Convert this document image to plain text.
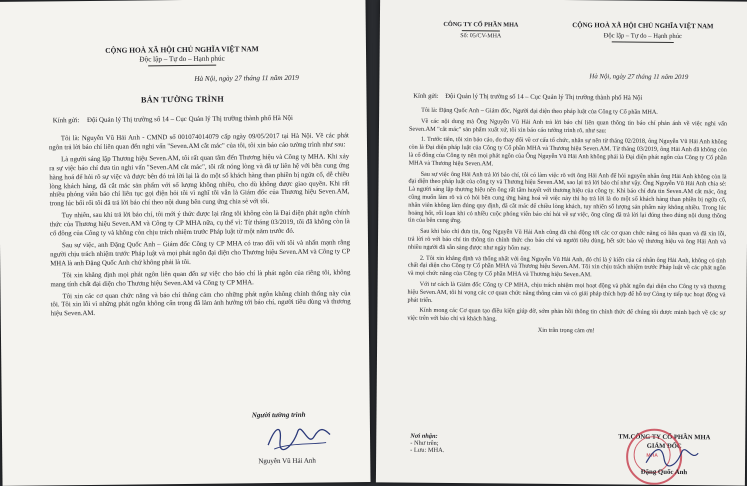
CỘNG HOÀ XÃ HỘI CHỦ NGHĨA VIỆT NAM
Độc lập – Tự do – Hạnh phúc
Hà Nội, ngày 27 tháng 11 năm 2019
BẢN TƯỜNG TRÌNH
Kính gửi: Đội Quản lý Thị trường số 14 – Cục Quản lý Thị trường thành phố Hà Nội

Tôi là: Nguyễn Vũ Hải Anh - CMND số 001074014079 cấp ngày 09/05/2017 tại Hà Nội. Về các phát ngôn trả lời báo chí liên quan đến nghi vấn "Seven.AM cắt mác" của tôi, tôi xin báo cáo tường trình như sau:

Là người sáng lập Thương hiệu Seven.AM, tôi rất quan tâm đến Thương hiệu và Công ty MHA. Khi xảy ra sự việc báo chí đưa tin nghi vấn "Seven.AM cắt mác", tôi rất nóng lòng và đã tự liên hệ với bên cung ứng hàng hoá để hỏi rõ sự việc và được bên đó trả lời lại là do một số khách hàng than phiền bị ngứa cổ, dễ chiều lòng khách hàng, đã cắt mác sản phẩm với số lượng không nhiều, cho dù không được giao quyền. Khi rất nhiều phóng viên báo chí liên tục gọi điện hỏi tôi vì nghĩ tôi vẫn là Giám đốc của Thương hiệu Seven.AM, trong lúc bối rối tôi đã trả lời báo chí theo nội dung bên cung ứng chia sẻ với tôi.

Tuy nhiên, sau khi trả lời báo chí, tôi mới ý thức được lại rằng tôi không còn là Đại diện phát ngôn chính thức của Thương hiệu Seven.AM và Công ty CP MHA nữa, cụ thể vì: Từ tháng 03/2019, tôi đã không còn là cổ đông của Công ty và không còn chịu trách nhiệm trước Pháp luật từ một năm trước đó.

Sau sự việc, anh Đặng Quốc Anh – Giám đốc Công ty CP MHA có trao đổi với tôi và nhấn mạnh rằng người chịu trách nhiệm trước Pháp luật và mọi phát ngôn đại diện cho Thương hiệu Seven.AM và Công ty CP MHA là anh Đặng Quốc Anh chứ không phải là tôi.

Tôi xin khẳng định mọi phát ngôn liên quan đến sự việc cho báo chí là phát ngôn của riêng tôi, không mang tính chất đại diện cho Thương hiệu Seven.AM và Công ty CP MHA.

Tôi xin các cơ quan chức năng và báo chí thông cảm cho những phát ngôn không chính thống này của tôi. Tôi xin lỗi vì những phát ngôn không cẩn trọng đã làm ảnh hưởng tới báo chí, người tiêu dùng và thương hiệu Seven.AM.

Người tường trình
Nguyễn Vũ Hải Anh
CÔNG TY CỔ PHẦN MHA
Số: 05/CV-MHA
CỘNG HOÀ XÃ HỘI CHỦ NGHĨA VIỆT NAM
Độc lập – Tự do – Hạnh phúc
Hà Nội, ngày 27 tháng 11 năm 2019
Kính gửi: Đội Quản lý Thị trường số 14 – Cục Quản lý Thị trường thành phố Hà Nội

Tôi là: Đặng Quốc Anh – Giám đốc, Người đại diện theo pháp luật của Công ty Cổ phần MHA.

Về các nội dung mà Ông Nguyễn Vũ Hải Anh trả lời báo chí liên quan thông tin báo chí phản ánh về việc nghi vấn Seven.AM "cắt mác" sản phẩm xuất xứ, tôi xin báo cáo tường trình rõ, như sau:

1. Trước tiên, tôi xin báo cáo, do thay đổi về cơ cấu tổ chức, nhân sự nên từ tháng 02/2018, ông Nguyễn Vũ Hải Anh không còn là Đại diện pháp luật của Công ty Cổ phần MHA và Thương hiệu Seven.AM. Từ tháng 03/2019, ông Hải Anh đã không còn là cổ đông của Công ty nên mọi phát ngôn của Ông Nguyễn Vũ Hải Anh không phải là Đại diện phát ngôn của Công ty Cổ phần MHA và Thương hiệu Seven.AM.

Sau sự việc ông Hải Anh trả lời báo chí, tôi có làm việc rõ với ông Hải Anh để hỏi nguyên nhân ông Hải Anh không còn là đại diện theo pháp luật của công ty và Thương hiệu Seven.AM, sao lại trả lời báo chí như vậy. Ông Nguyễn Vũ Hải Anh chia sẻ: Là người sáng lập thương hiệu nên ông rất tâm huyết với thương hiệu của công ty. Khi báo chí đưa tin Seven.AM cắt mác, ông cũng muốn làm rõ và có hỏi bên cung ứng hàng hoá về việc này thì họ trả lời là do một số khách hàng than phiền bị ngứa cổ, nhân viên không làm đúng quy định, đã cắt mác để chiều lòng khách, tuy nhiên số lượng sản phẩm này không nhiều. Trong lúc hoảng hốt, rối loạn khi có nhiều cuộc phóng viên báo chí hỏi về sự việc, ông cũng đã trả lời lại đúng theo đúng nội dung thông tin của bên cung ứng.

Sau khi báo chí đưa tin, ông Nguyễn Vũ Hải Anh cũng đã chủ động tới các cơ quan chức năng có liên quan và đã xin lỗi, trả lời rõ với báo chí tin thông tin chính thức cho báo chí và người tiêu dùng, hết sức bảo vệ thương hiệu và ông Hải Anh và nhiều người đã sẵn sàng được như ngày hôm nay.

2. Tôi xin khẳng định và thống nhất với ông Nguyễn Vũ Hải Anh, đó chỉ là ý kiến của cá nhân ông Hải Anh, không có tính chất đại diện cho Công ty Cổ phần MHA và Thương hiệu Seven.AM. Tôi xin chịu trách nhiệm trước Pháp luật về các phát ngôn và mọi chức năng của Công ty Cổ phần MHA và Thương hiệu Seven.AM.

Với tư cách là Giám đốc Công ty CP MHA, chịu trách nhiệm mọi hoạt động và phát ngôn đại diện cho Công ty và thương hiệu Seven.AM, tôi hi vọng các cơ quan chức năng thông cảm và có giải pháp thích hợp để hỗ trợ Công ty tiếp tục hoạt động và phát triển.

Kính mong các Cơ quan tạo điều kiện giúp đỡ, sớm phản hồi thông tin chính thức để chúng tôi được minh bạch về các sự việc trên với báo chí và khách hàng.

Xin trân trọng cảm ơn!

Nơi nhận:
- Như trên;
- Lưu: MHA.
TM.CÔNG TY CỔ PHẦN MHA
GIÁM ĐỐC
MHA
Đặng Quốc Anh
